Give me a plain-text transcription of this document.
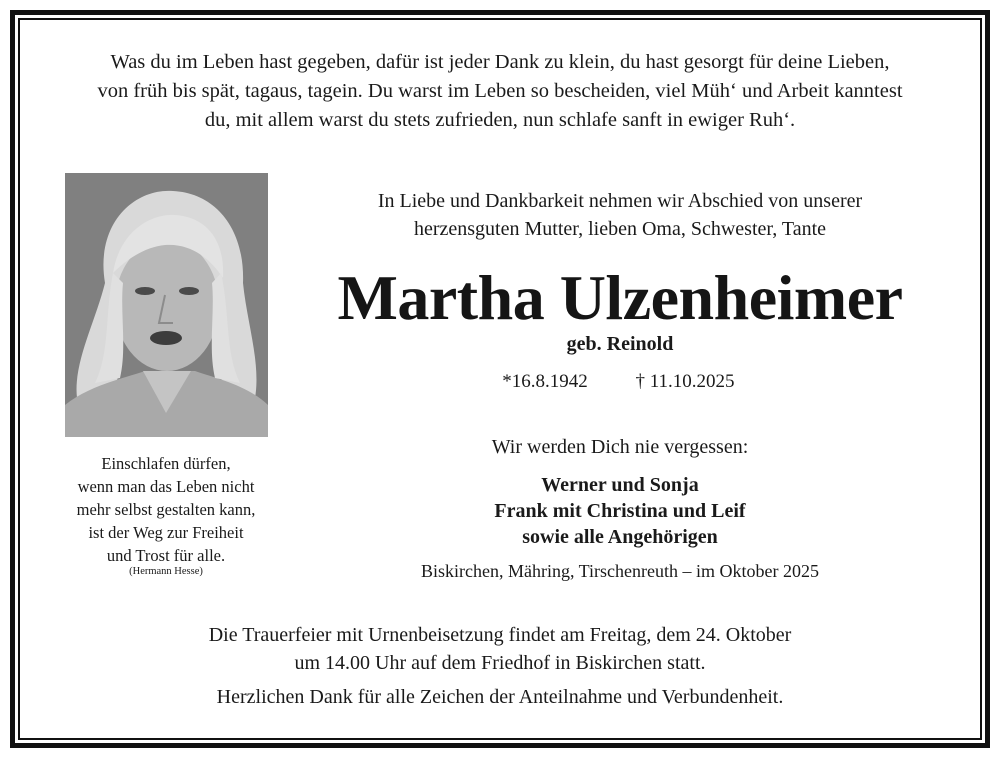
Was du im Leben hast gegeben, dafür ist jeder Dank zu klein, du hast gesorgt für deine Lieben,
von früh bis spät, tagaus, tagein. Du warst im Leben so bescheiden, viel Müh‘ und Arbeit kanntest
du, mit allem warst du stets zufrieden, nun schlafe sanft in ewiger Ruh‘.
Einschlafen dürfen,
wenn man das Leben nicht
mehr selbst gestalten kann,
ist der Weg zur Freiheit
und Trost für alle.
(Hermann Hesse)
In Liebe und Dankbarkeit nehmen wir Abschied von unserer
herzensguten Mutter, lieben Oma, Schwester, Tante
Martha Ulzenheimer
geb. Reinold
*16.8.1942	† 11.10.2025
Wir werden Dich nie vergessen:
Werner und Sonja
Frank mit Christina und Leif
sowie alle Angehörigen
Biskirchen, Mähring, Tirschenreuth – im Oktober 2025
Die Trauerfeier mit Urnenbeisetzung findet am Freitag, dem 24. Oktober
um 14.00 Uhr auf dem Friedhof in Biskirchen statt.
Herzlichen Dank für alle Zeichen der Anteilnahme und Verbundenheit.
